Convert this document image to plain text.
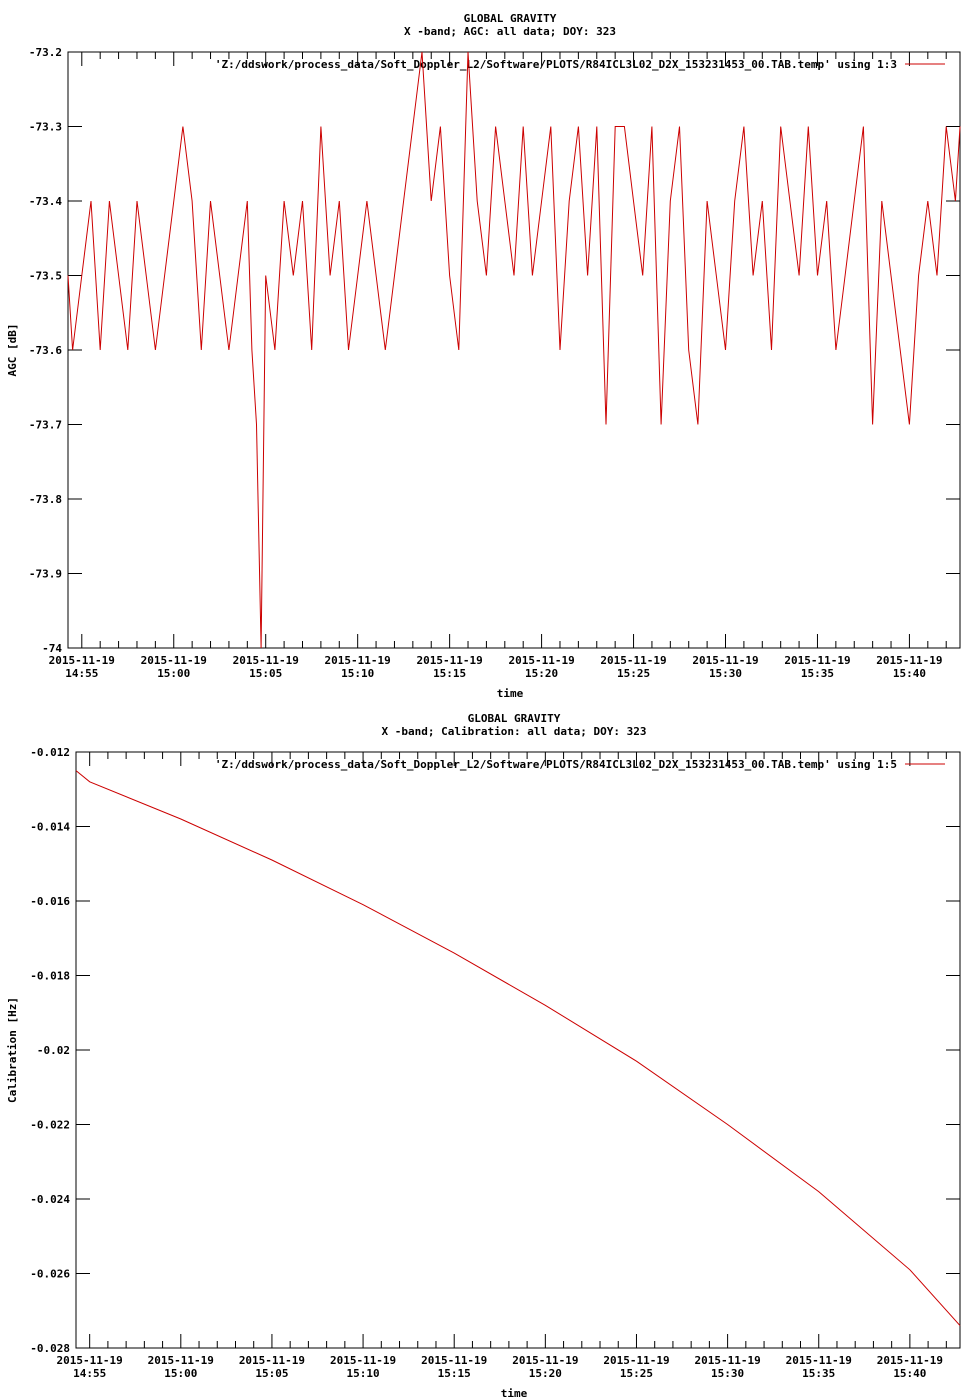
GLOBAL GRAVITY
X -band; AGC: all data; DOY: 323
-73.2
-73.3
-73.4
-73.5
-73.6
-73.7
-73.8
-73.9
-74
2015-11-19
14:55
2015-11-19
15:00
2015-11-19
15:05
2015-11-19
15:10
2015-11-19
15:15
2015-11-19
15:20
2015-11-19
15:25
2015-11-19
15:30
2015-11-19
15:35
2015-11-19
15:40
time
AGC [dB]
'Z:/ddswork/process_data/Soft_Doppler_L2/Software/PLOTS/R84ICL3L02_D2X_153231453_00.TAB.temp' using 1:3
GLOBAL GRAVITY
X -band; Calibration: all data; DOY: 323
-0.012
-0.014
-0.016
-0.018
-0.02
-0.022
-0.024
-0.026
-0.028
2015-11-19
14:55
2015-11-19
15:00
2015-11-19
15:05
2015-11-19
15:10
2015-11-19
15:15
2015-11-19
15:20
2015-11-19
15:25
2015-11-19
15:30
2015-11-19
15:35
2015-11-19
15:40
time
Calibration [Hz]
'Z:/ddswork/process_data/Soft_Doppler_L2/Software/PLOTS/R84ICL3L02_D2X_153231453_00.TAB.temp' using 1:5
